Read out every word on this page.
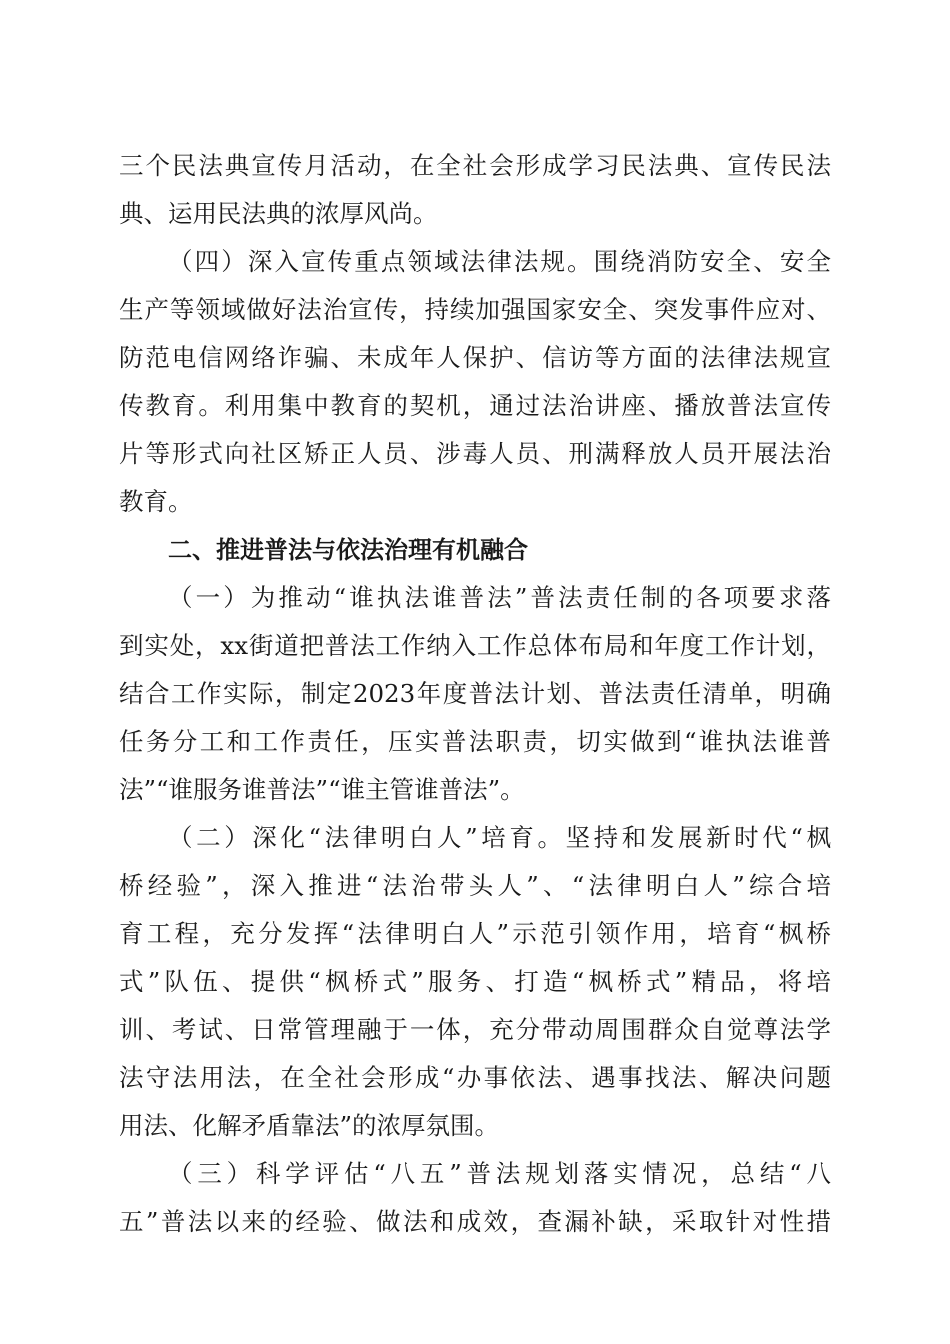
三个民法典宣传月活动，在全社会形成学习民法典、宣传民法
典、运用民法典的浓厚风尚。
（四）深入宣传重点领域法律法规。围绕消防安全、安全
生产等领域做好法治宣传，持续加强国家安全、突发事件应对、
防范电信网络诈骗、未成年人保护、信访等方面的法律法规宣
传教育。利用集中教育的契机，通过法治讲座、播放普法宣传
片等形式向社区矫正人员、涉毒人员、刑满释放人员开展法治
教育。
二、推进普法与依法治理有机融合
（一）为推动“谁执法谁普法”普法责任制的各项要求落
到实处，xx街道把普法工作纳入工作总体布局和年度工作计划，
结合工作实际，制定2023年度普法计划、普法责任清单，明确
任务分工和工作责任，压实普法职责，切实做到“谁执法谁普
法”“谁服务谁普法”“谁主管谁普法”。
（二）深化“法律明白人”培育。坚持和发展新时代“枫
桥经验”，深入推进“法治带头人”、“法律明白人”综合培
育工程，充分发挥“法律明白人”示范引领作用，培育“枫桥
式”队伍、提供“枫桥式”服务、打造“枫桥式”精品，将培
训、考试、日常管理融于一体，充分带动周围群众自觉尊法学
法守法用法，在全社会形成“办事依法、遇事找法、解决问题
用法、化解矛盾靠法”的浓厚氛围。
（三）科学评估“八五”普法规划落实情况，总结“八
五”普法以来的经验、做法和成效，查漏补缺，采取针对性措
